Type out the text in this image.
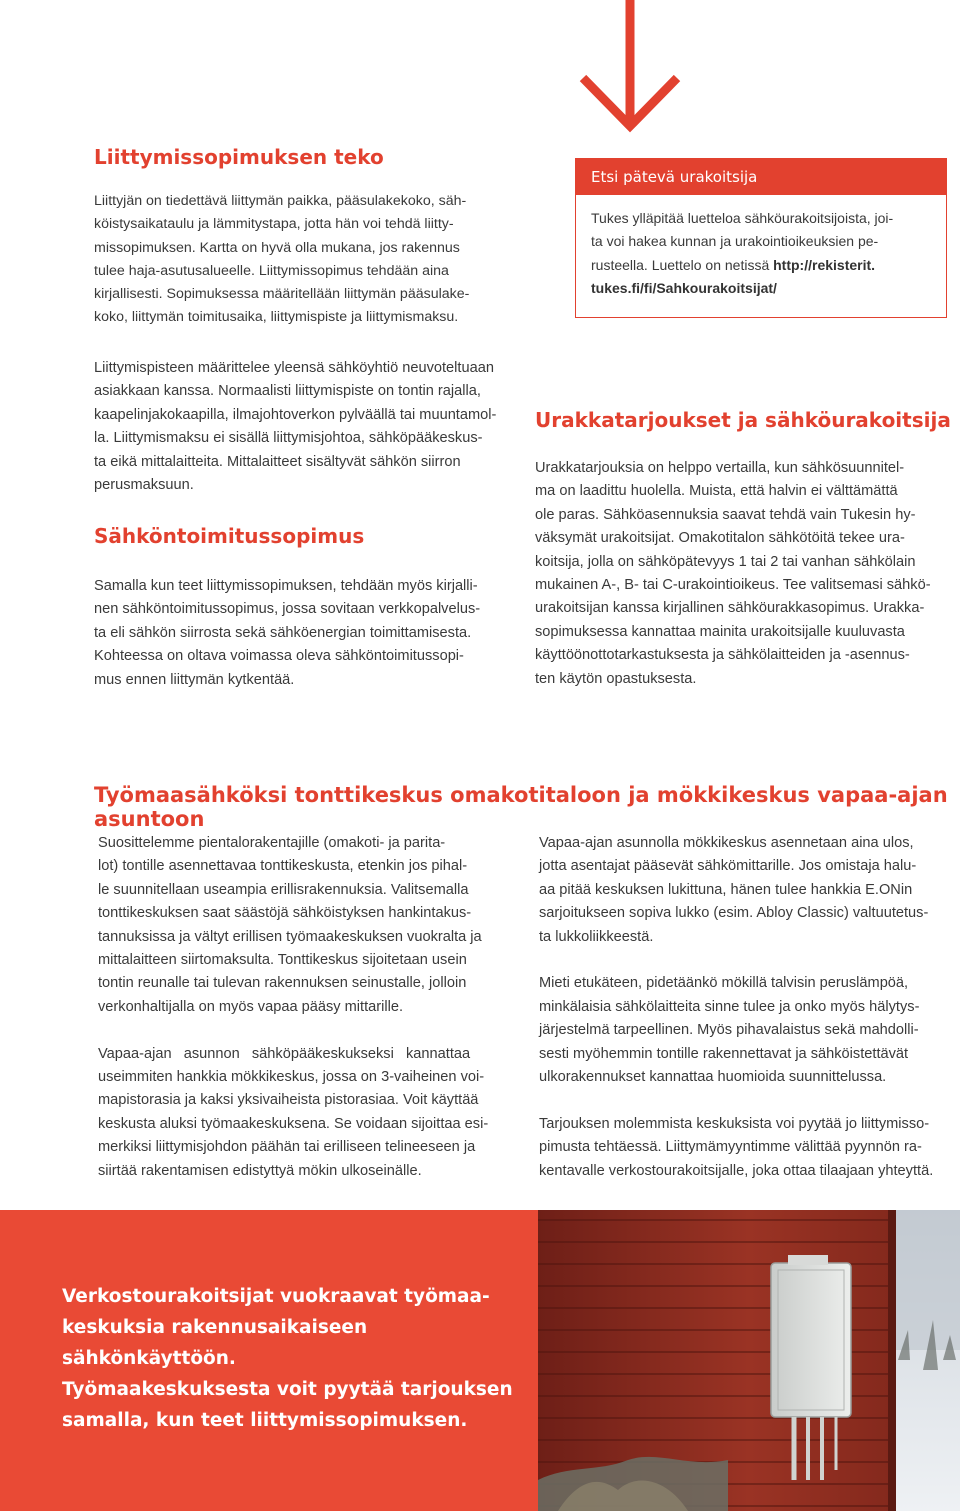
Liittymissopimuksen teko

Liittyjän on tiedettävä liittymän paikka, pääsulakekoko, säh-

köistysaikataulu ja lämmitystapa, jotta hän voi tehdä liitty-

missopimuksen. Kartta on hyvä olla mukana, jos rakennus

tulee haja-asutusalueelle. Liittymissopimus tehdään aina

kirjallisesti. Sopimuksessa määritellään liittymän pääsulake-

koko, liittymän toimitusaika, liittymispiste ja liittymismaksu.

Etsi pätevä urakoitsija
Tukes ylläpitää luetteloa sähköurakoitsijoista, joi-
ta voi hakea kunnan ja urakointioikeuksien pe-
rusteella. Luettelo on netissä http://rekisterit.
tukes.fi/fi/Sahkourakoitsijat/

Liittymispisteen määrittelee yleensä sähköyhtiö neuvoteltuaan

asiakkaan kanssa. Normaalisti liittymispiste on tontin rajalla,

kaapelinjakokaapilla, ilmajohtoverkon pylväällä tai muuntamol-

la. Liittymismaksu ei sisällä liittymisjohtoa, sähköpääkeskus-

ta eikä mittalaitteita. Mittalaitteet sisältyvät sähkön siirron

perusmaksuun.

Sähköntoimitussopimus

Samalla kun teet liittymissopimuksen, tehdään myös kirjalli-

nen sähköntoimitussopimus, jossa sovitaan verkkopalvelus-

ta eli sähkön siirrosta sekä sähköenergian toimittamisesta.

Kohteessa on oltava voimassa oleva sähköntoimitussopi-

mus ennen liittymän kytkentää.

Urakkatarjoukset ja sähköurakoitsija

Urakkatarjouksia on helppo vertailla, kun sähkösuunnitel-

ma on laadittu huolella. Muista, että halvin ei välttämättä

ole paras. Sähköasennuksia saavat tehdä vain Tukesin hy-

väksymät urakoitsijat. Omakotitalon sähkötöitä tekee ura-

koitsija, jolla on sähköpätevyys 1 tai 2 tai vanhan sähkölain

mukainen A-, B- tai C-urakointioikeus. Tee valitsemasi sähkö-

urakoitsijan kanssa kirjallinen sähköurakkasopimus. Urakka-

sopimuksessa kannattaa mainita urakoitsijalle kuuluvasta

käyttöönottotarkastuksesta ja sähkölaitteiden ja -asennus-

ten käytön opastuksesta.

Työmaasähköksi tonttikeskus omakotitaloon ja mökkikeskus vapaa-ajan asuntoon

Suosittelemme pientalorakentajille (omakoti- ja parita-

lot) tontille asennettavaa tonttikeskusta, etenkin jos pihal-

le suunnitellaan useampia erillisrakennuksia. Valitsemalla

tonttikeskuksen saat säästöjä sähköistyksen hankintakus-

tannuksissa ja vältyt erillisen työmaakeskuksen vuokralta ja

mittalaitteen siirtomaksulta. Tonttikeskus sijoitetaan usein

tontin reunalle tai tulevan rakennuksen seinustalle, jolloin

verkonhaltijalla on myös vapaa pääsy mittarille.

Vapaa-ajan   asunnon   sähköpääkeskukseksi   kannattaa

useimmiten hankkia mökkikeskus, jossa on 3-vaiheinen voi-

mapistorasia ja kaksi yksivaiheista pistorasiaa. Voit käyttää

keskusta aluksi työmaakeskuksena. Se voidaan sijoittaa esi-

merkiksi liittymisjohdon päähän tai erilliseen telineeseen ja

siirtää rakentamisen edistyttyä mökin ulkoseinälle.

Vapaa-ajan asunnolla mökkikeskus asennetaan aina ulos,

jotta asentajat pääsevät sähkömittarille. Jos omistaja halu-

aa pitää keskuksen lukittuna, hänen tulee hankkia E.ONin

sarjoitukseen sopiva lukko (esim. Abloy Classic) valtuutetus-

ta lukkoliikkeestä.

Mieti etukäteen, pidetäänkö mökillä talvisin peruslämpöä,

minkälaisia sähkölaitteita sinne tulee ja onko myös hälytys-

järjestelmä tarpeellinen. Myös pihavalaistus sekä mahdolli-

sesti myöhemmin tontille rakennettavat ja sähköistettävät

ulkorakennukset kannattaa huomioida suunnittelussa.

Tarjouksen molemmista keskuksista voi pyytää jo liittymisso-

pimusta tehtäessä. Liittymämyyntimme välittää pyynnön ra-

kentavalle verkostourakoitsijalle, joka ottaa tilaajaan yhteyttä.

Verkostourakoitsijat vuokraavat työmaa-

keskuksia rakennusaikaiseen sähkönkäyttöön.

Työmaakeskuksesta voit pyytää tarjouksen

samalla, kun teet liittymissopimuksen.
